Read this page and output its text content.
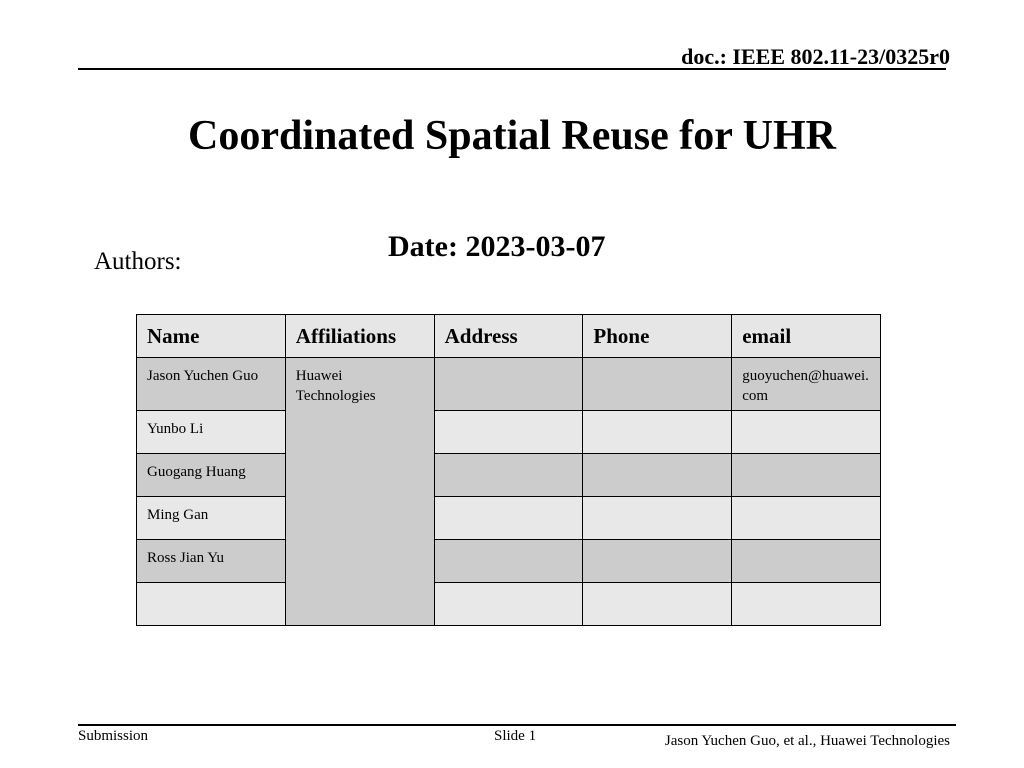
doc.: IEEE 802.11-23/0325r0
Coordinated Spatial Reuse for UHR
Date: 2023-03-07
Authors:
Name	Affiliations	Address	Phone	email
Jason Yuchen Guo	Huawei Technologies			guoyuchen@huawei.com
Yunbo Li				
Guogang Huang				
Ming Gan				
Ross Jian Yu				

Submission	Slide 1	Jason Yuchen Guo, et al., Huawei Technologies
